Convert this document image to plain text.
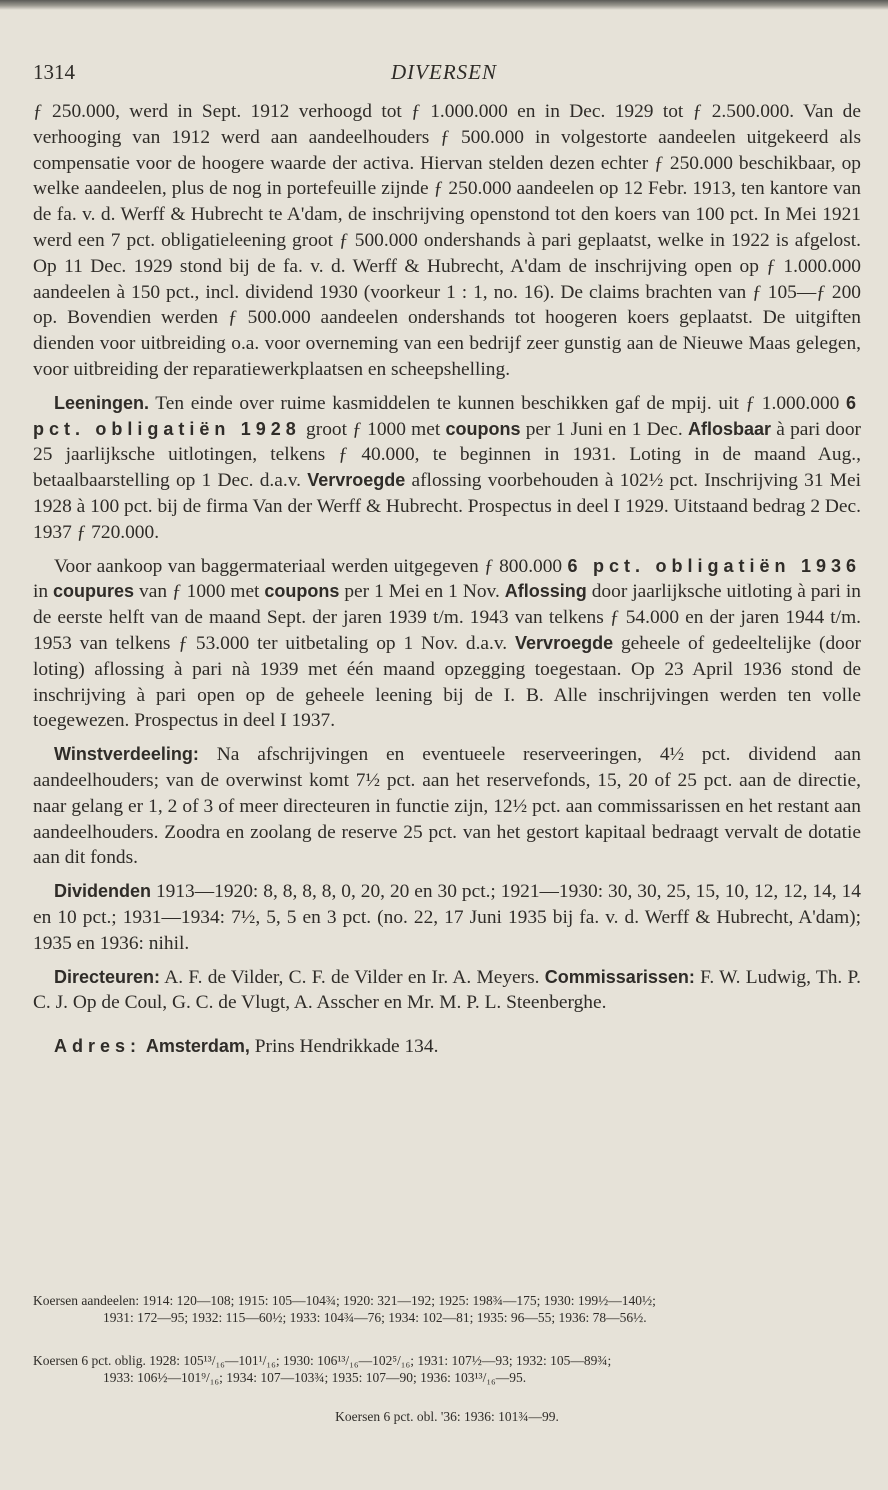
1314	DIVERSEN

ƒ 250.000, werd in Sept. 1912 verhoogd tot ƒ 1.000.000 en in Dec. 1929 tot ƒ 2.500.000. Van de verhooging van 1912 werd aan aandeelhouders ƒ 500.000 in volgestorte aandeelen uitgekeerd als compensatie voor de hoogere waarde der activa. Hiervan stelden dezen echter ƒ 250.000 beschikbaar, op welke aandeelen, plus de nog in portefeuille zijnde ƒ 250.000 aandeelen op 12 Febr. 1913, ten kantore van de fa. v. d. Werff & Hubrecht te A'dam, de inschrijving openstond tot den koers van 100 pct. In Mei 1921 werd een 7 pct. obligatieleening groot ƒ 500.000 ondershands à pari geplaatst, welke in 1922 is afgelost. Op 11 Dec. 1929 stond bij de fa. v. d. Werff & Hubrecht, A'dam de inschrijving open op ƒ 1.000.000 aandeelen à 150 pct., incl. dividend 1930 (voorkeur 1 : 1, no. 16). De claims brachten van ƒ 105—ƒ 200 op. Bovendien werden ƒ 500.000 aandeelen ondershands tot hoogeren koers geplaatst. De uitgiften dienden voor uitbreiding o.a. voor overneming van een bedrijf zeer gunstig aan de Nieuwe Maas gelegen, voor uitbreiding der reparatiewerkplaatsen en scheepshelling.

Leeningen. Ten einde over ruime kasmiddelen te kunnen beschikken gaf de mpij. uit ƒ 1.000.000 6 pct. obligatiën 1928 groot ƒ 1000 met coupons per 1 Juni en 1 Dec. Aflosbaar à pari door 25 jaarlijksche uitlotingen, telkens ƒ 40.000, te beginnen in 1931. Loting in de maand Aug., betaalbaarstelling op 1 Dec. d.a.v. Vervroegde aflossing voorbehouden à 102½ pct. Inschrijving 31 Mei 1928 à 100 pct. bij de firma Van der Werff & Hubrecht. Prospectus in deel I 1929. Uitstaand bedrag 2 Dec. 1937 ƒ 720.000.

Voor aankoop van baggermateriaal werden uitgegeven ƒ 800.000 6 pct. obligatiën 1936 in coupures van ƒ 1000 met coupons per 1 Mei en 1 Nov. Aflossing door jaarlijksche uitloting à pari in de eerste helft van de maand Sept. der jaren 1939 t/m. 1943 van telkens ƒ 54.000 en der jaren 1944 t/m. 1953 van telkens ƒ 53.000 ter uitbetaling op 1 Nov. d.a.v. Vervroegde geheele of gedeeltelijke (door loting) aflossing à pari nà 1939 met één maand opzegging toegestaan. Op 23 April 1936 stond de inschrijving à pari open op de geheele leening bij de I. B. Alle inschrijvingen werden ten volle toegewezen. Prospectus in deel I 1937.

Winstverdeeling: Na afschrijvingen en eventueele reserveeringen, 4½ pct. dividend aan aandeelhouders; van de overwinst komt 7½ pct. aan het reservefonds, 15, 20 of 25 pct. aan de directie, naar gelang er 1, 2 of 3 of meer directeuren in functie zijn, 12½ pct. aan commissarissen en het restant aan aandeelhouders. Zoodra en zoolang de reserve 25 pct. van het gestort kapitaal bedraagt vervalt de dotatie aan dit fonds.

Dividenden 1913—1920: 8, 8, 8, 8, 0, 20, 20 en 30 pct.; 1921—1930: 30, 30, 25, 15, 10, 12, 12, 14, 14 en 10 pct.; 1931—1934: 7½, 5, 5 en 3 pct. (no. 22, 17 Juni 1935 bij fa. v. d. Werff & Hubrecht, A'dam); 1935 en 1936: nihil.

Directeuren: A. F. de Vilder, C. F. de Vilder en Ir. A. Meyers. Commissarissen: F. W. Ludwig, Th. P. C. J. Op de Coul, G. C. de Vlugt, A. Asscher en Mr. M. P. L. Steenberghe.

Adres: Amsterdam, Prins Hendrikkade 134.

Koersen aandeelen: 1914: 120—108; 1915: 105—104¾; 1920: 321—192; 1925: 198¾—175; 1930: 199½—140½;

1931: 172—95; 1932: 115—60½; 1933: 104¾—76; 1934: 102—81; 1935: 96—55; 1936: 78—56½.

Koersen 6 pct. oblig. 1928: 105¹³/₁₆—101¹/₁₆; 1930: 106¹³/₁₆—102⁵/₁₆; 1931: 107½—93; 1932: 105—89¾;

1933: 106½—101⁹/₁₆; 1934: 107—103¾; 1935: 107—90; 1936: 103¹³/₁₆—95.

Koersen 6 pct. obl. '36: 1936: 101¾—99.
